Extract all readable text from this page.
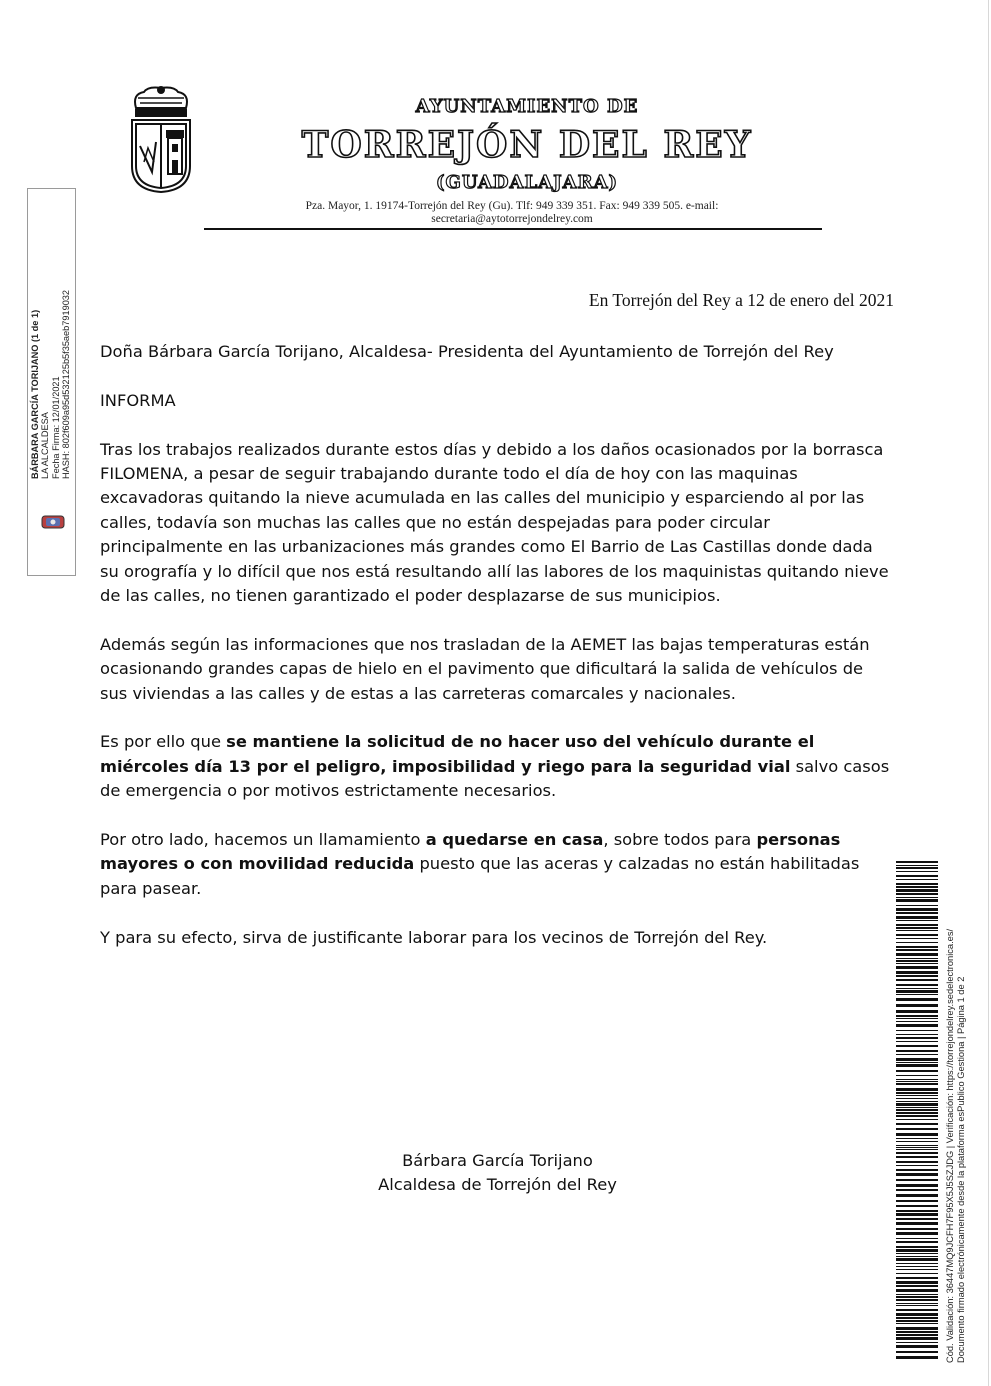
AYUNTAMIENTO DE
TORREJÓN DEL REY
(GUADALAJARA)
Pza. Mayor, 1. 19174-Torrejón del Rey (Gu). Tlf: 949 339 351. Fax: 949 339 505. e-mail:
secretaria@aytotorrejondelrey.com
BÁRBARA GARCÍA TORIJANO (1 de 1) LA ALCALDESA Fecha Firma: 12/01/2021 HASH: 802f609a95d532125b5f35aeb7919032	En Torrejón del Rey a 12 de enero del 2021

Doña Bárbara García Torijano, Alcaldesa- Presidenta del Ayuntamiento de Torrejón del Rey

INFORMA

Tras los trabajos realizados durante estos días y debido a los daños ocasionados por la borrasca FILOMENA, a pesar de seguir trabajando durante todo el día de hoy con las maquinas excavadoras quitando la nieve acumulada en las calles del municipio y esparciendo al por las calles, todavía son muchas las calles que no están despejadas para poder circular principalmente en las urbanizaciones más grandes como El Barrio de Las Castillas donde dada su orografía y lo difícil que nos está resultando allí las labores de los maquinistas quitando nieve de las calles, no tienen garantizado el poder desplazarse de sus municipios.

Además según las informaciones que nos trasladan de la AEMET las bajas temperaturas están ocasionando grandes capas de hielo en el pavimento que dificultará la salida de vehículos de sus viviendas a las calles y de estas a las carreteras comarcales y nacionales.

Es por ello que se mantiene la solicitud de no hacer uso del vehículo durante el miércoles día 13 por el peligro, imposibilidad y riego para la seguridad vial salvo casos de emergencia o por motivos estrictamente necesarios.

Por otro lado, hacemos un llamamiento a quedarse en casa, sobre todos para personas mayores o con movilidad reducida puesto que las aceras y calzadas no están habilitadas para pasear.

Y para su efecto, sirva de justificante laborar para los vecinos de Torrejón del Rey.

Bárbara García Torijano
Alcaldesa de Torrejón del Rey	Cód. Validación: 36447MQ9JCFH7F95X5J5SZJDG | Verificación: https://torrejondelrey.sedelectronica.es/ Documento firmado electrónicamente desde la plataforma esPublico Gestiona | Página 1 de 2
